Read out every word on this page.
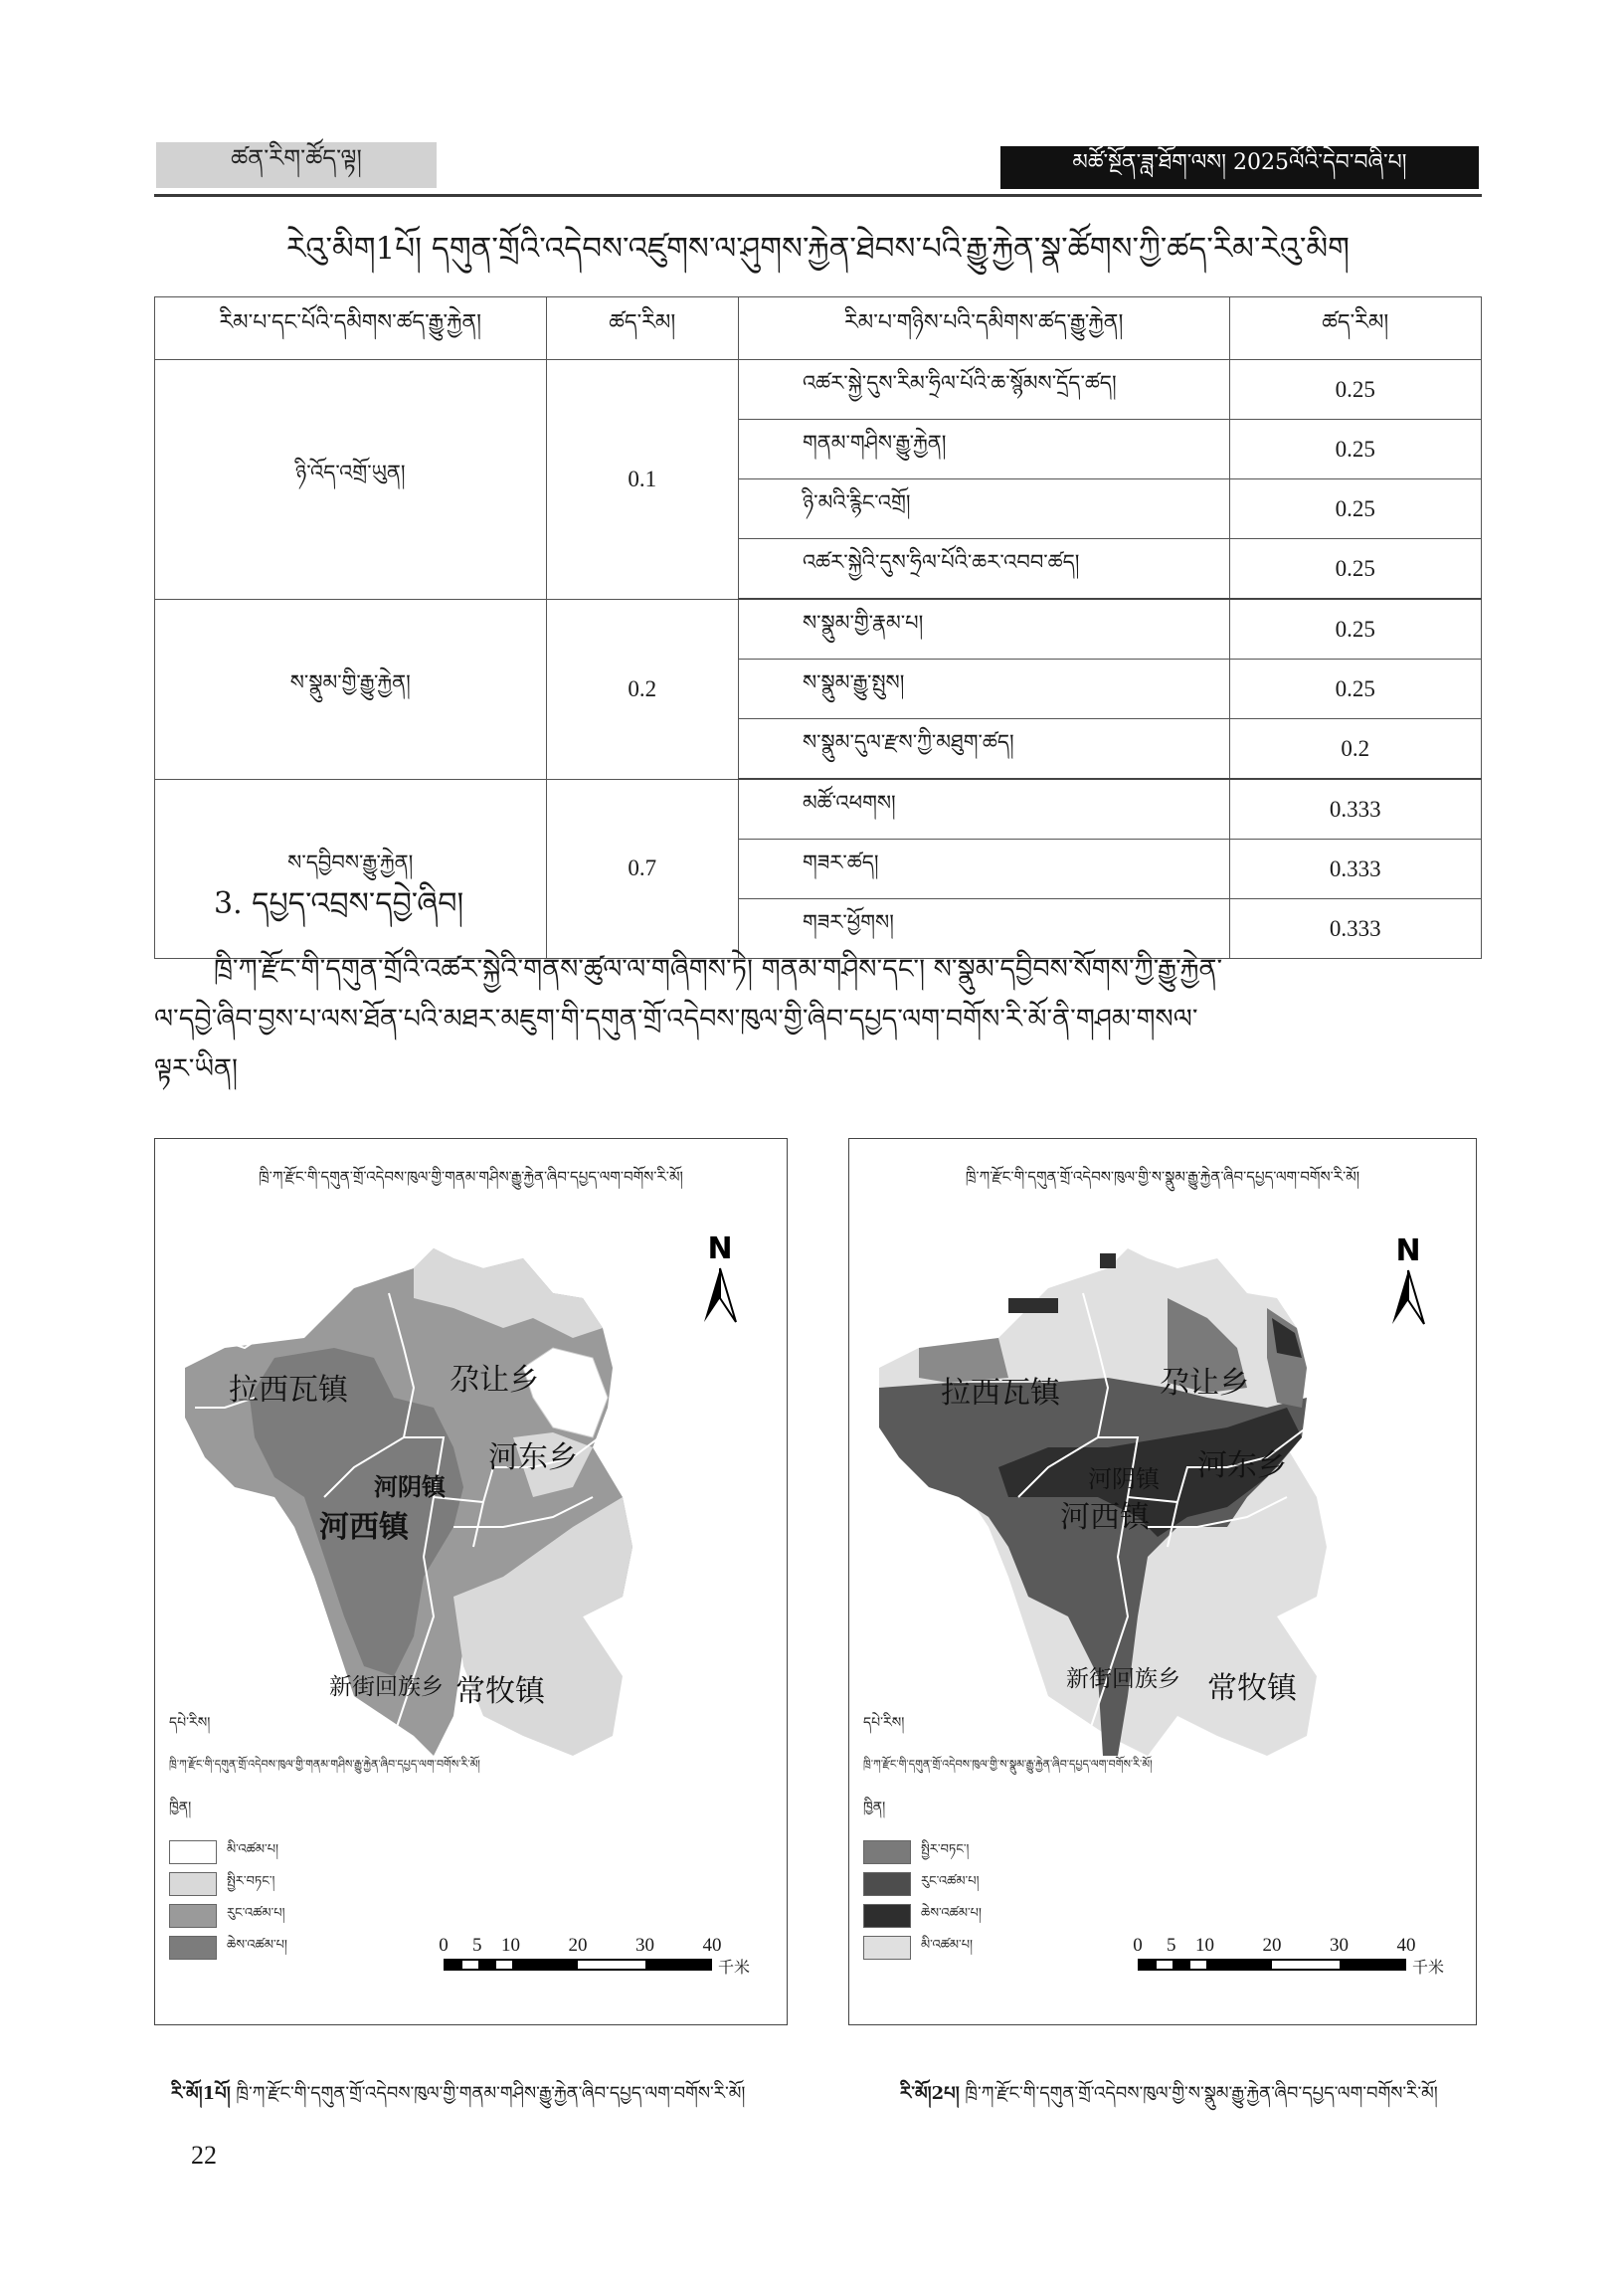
ཚན་རིག་ཚོད་ལྟ།	མཚོ་སྔོན་ཟླ་ཐོག་ལས། 2025ལོའི་དེབ་བཞི་པ།
རེའུ་མིག1པོ། དགུན་གྲོའི་འདེབས་འཛུགས་ལ་ཤུགས་རྐྱེན་ཐེབས་པའི་རྒྱུ་རྐྱེན་སྣ་ཚོགས་ཀྱི་ཚད་རིམ་རེའུ་མིག
རིམ་པ་དང་པོའི་དམིགས་ཚད་རྒྱུ་རྐྱེན།	ཚད་རིམ།	རིམ་པ་གཉིས་པའི་དམིགས་ཚད་རྒྱུ་རྐྱེན།	ཚད་རིམ།
ཉི་འོད་འགྲོ་ཡུན།	0.1	འཚར་སྐྱེ་དུས་རིམ་ཧྲིལ་པོའི་ཆ་སྙོམས་དྲོད་ཚད།	0.25
		གནམ་གཤིས་རྒྱུ་རྐྱེན།	0.25
		ཉི་མའི་རྙིང་འགྲོ།	0.25
		འཚར་སྐྱེའི་དུས་ཧྲིལ་པོའི་ཆར་འབབ་ཚད།	0.25
ས་སྣུམ་གྱི་རྒྱུ་རྐྱེན།	0.2	ས་སྣུམ་གྱི་རྣམ་པ།	0.25
		ས་སྣུམ་རྒྱུ་སྤུས།	0.25
		ས་སྣུམ་དུལ་རྫས་ཀྱི་མཐུག་ཚད།	0.2
ས་དབྱིབས་རྒྱུ་རྐྱེན།	0.7	མཚོ་འཕགས།	0.333
		གཟར་ཚད།	0.333
		གཟར་ཕྱོགས།	0.333
3. དཔྱད་འབྲས་དབྱེ་ཞིབ།

ཁྲི་ཀ་རྫོང་གི་དགུན་གྲོའི་འཚར་སྐྱེའི་གནས་ཚུལ་ལ་གཞིགས་ཏེ། གནམ་གཤིས་དང་། ས་སྣུམ་དབྱིབས་སོགས་ཀྱི་རྒྱུ་རྐྱེན་

ལ་དབྱེ་ཞིབ་བྱས་པ་ལས་ཐོན་པའི་མཐར་མཇུག་གི་དགུན་གྲོ་འདེབས་ཁུལ་གྱི་ཞིབ་དཔྱད་ལག་བགོས་རི་མོ་ནི་གཤམ་གསལ་

ལྟར་ཡིན།

ཁྲི་ཀ་རྫོང་གི་དགུན་གྲོ་འདེབས་ཁུལ་གྱི་གནམ་གཤིས་རྒྱུ་རྐྱེན་ཞིབ་དཔྱད་ལག་བགོས་རི་མོ།
拉西瓦镇	尕让乡
河阴镇
河东乡
河西镇
新街回族乡 常牧镇
N
དཔེ་རིས།
ཁྲི་ཀ་རྫོང་གི་དགུན་གྲོ་འདེབས་ཁུལ་གྱི་གནམ་གཤིས་རྒྱུ་རྐྱེན་ཞིབ་དཔྱད་ལག་བགོས་རི་མོ།
ཁྱིན།
མི་འཚམ་པ།
སྤྱིར་བཏང་།
རུང་འཚམ་པ།
ཆེས་འཚམ་པ།	0 5 10	20	30	40
千米
ཁྲི་ཀ་རྫོང་གི་དགུན་གྲོ་འདེབས་ཁུལ་གྱི་ས་སྣུམ་རྒྱུ་རྐྱེན་ཞིབ་དཔྱད་ལག་བགོས་རི་མོ།
拉西瓦镇	尕让乡
河阴镇 河东乡
河西镇
新街回族乡 常牧镇
N
དཔེ་རིས།
ཁྲི་ཀ་རྫོང་གི་དགུན་གྲོ་འདེབས་ཁུལ་གྱི་ས་སྣུམ་རྒྱུ་རྐྱེན་ཞིབ་དཔྱད་ལག་བགོས་རི་མོ།
ཁྱིན།
སྤྱིར་བཏང་།
རུང་འཚམ་པ།
ཆེས་འཚམ་པ།
མི་འཚམ་པ།	0 5 10	20	30	40
千米
རི་མོ།1པོ། ཁྲི་ཀ་རྫོང་གི་དགུན་གྲོ་འདེབས་ཁུལ་གྱི་གནམ་གཤིས་རྒྱུ་རྐྱེན་ཞིབ་དཔྱད་ལག་བགོས་རི་མོ།	རི་མོ།2པ། ཁྲི་ཀ་རྫོང་གི་དགུན་གྲོ་འདེབས་ཁུལ་གྱི་ས་སྣུམ་རྒྱུ་རྐྱེན་ཞིབ་དཔྱད་ལག་བགོས་རི་མོ།
22
